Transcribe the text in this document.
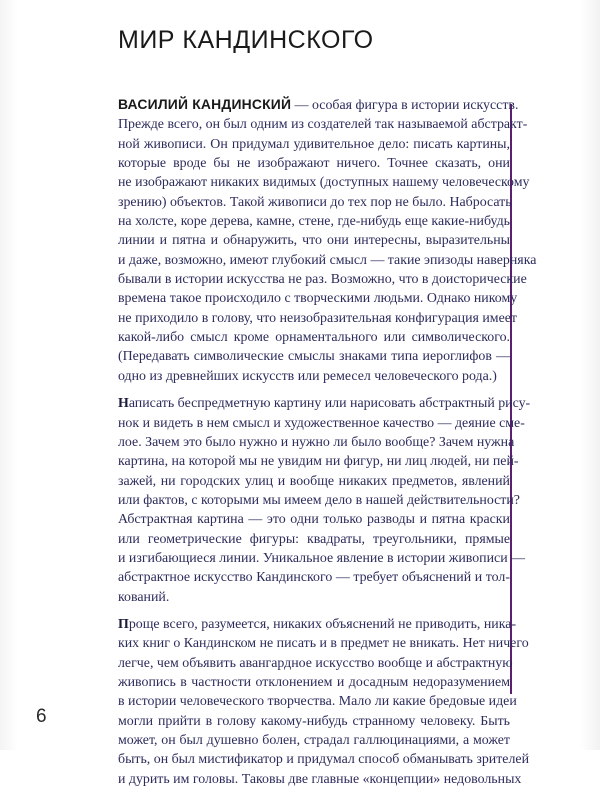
МИР КАНДИНСКОГО
ВАСИЛИЙ КАНДИНСКИЙ — особая фигура в истории искусств.
Прежде всего, он был одним из создателей так называемой абстракт-
ной живописи. Он придумал удивительное дело: писать картины,
которые вроде бы не изображают ничего. Точнее сказать, они
не изображают никаких видимых (доступных нашему человеческому
зрению) объектов. Такой живописи до тех пор не было. Набросать
на холсте, коре дерева, камне, стене, где-нибудь еще какие-нибудь
линии и пятна и обнаружить, что они интересны, выразительны
и даже, возможно, имеют глубокий смысл — такие эпизоды наверняка
бывали в истории искусства не раз. Возможно, что в доисторические
времена такое происходило с творческими людьми. Однако никому
не приходило в голову, что неизобразительная конфигурация имеет
какой-либо смысл кроме орнаментального или символического.
(Передавать символические смыслы знаками типа иероглифов —
одно из древнейших искусств или ремесел человеческого рода.)
Написать беспредметную картину или нарисовать абстрактный рису-
нок и видеть в нем смысл и художественное качество — деяние сме-
лое. Зачем это было нужно и нужно ли было вообще? Зачем нужна
картина, на которой мы не увидим ни фигур, ни лиц людей, ни пей-
зажей, ни городских улиц и вообще никаких предметов, явлений
или фактов, с которыми мы имеем дело в нашей действительности?
Абстрактная картина — это одни только разводы и пятна краски
или геометрические фигуры: квадраты, треугольники, прямые
и изгибающиеся линии. Уникальное явление в истории живописи —
абстрактное искусство Кандинского — требует объяснений и тол-
кований.
Проще всего, разумеется, никаких объяснений не приводить, ника-
ких книг о Кандинском не писать и в предмет не вникать. Нет ничего
легче, чем объявить авангардное искусство вообще и абстрактную
живопись в частности отклонением и досадным недоразумением
в истории человеческого творчества. Мало ли какие бредовые идеи
могли прийти в голову какому-нибудь странному человеку. Быть
может, он был душевно болен, страдал галлюцинациями, а может
быть, он был мистификатор и придумал способ обманывать зрителей
и дурить им головы. Таковы две главные «концепции» недовольных
6
